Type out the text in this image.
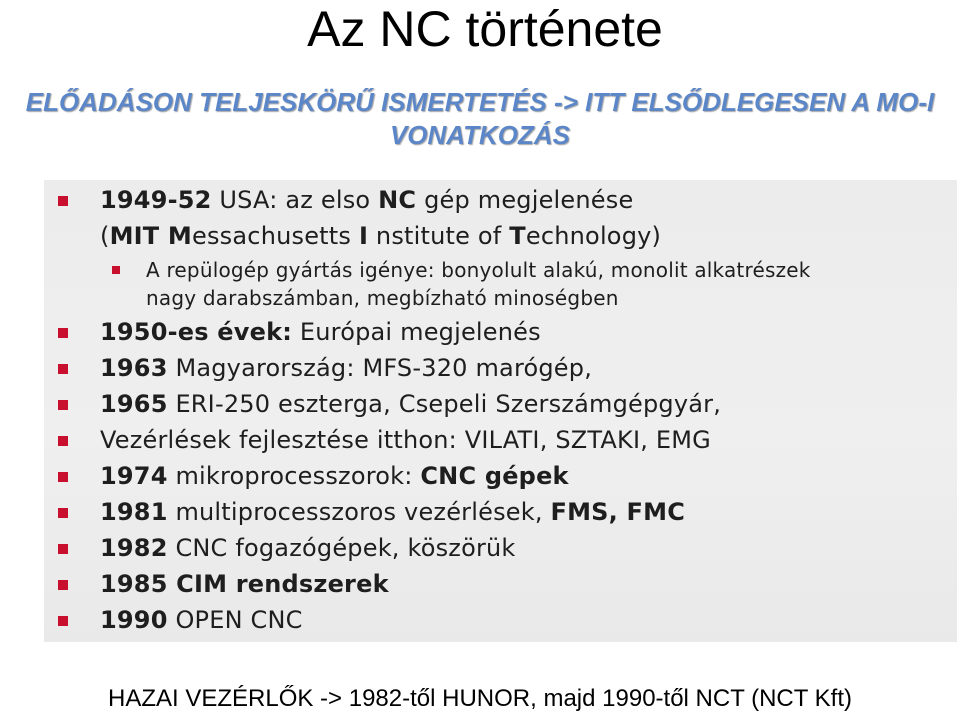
Az NC története
ELŐADÁSON TELJESKÖRŰ ISMERTETÉS -> ITT ELSŐDLEGESEN A MO-I
VONATKOZÁS
1949-52 USA: az elso NC gép megjelenése
(MIT Messachusetts I nstitute of Technology)
A repülogép gyártás igénye: bonyolult alakú, monolit alkatrészek
nagy darabszámban, megbízható minoségben
1950-es évek: Európai megjelenés
1963 Magyarország: MFS-320 marógép,
1965 ERI-250 eszterga, Csepeli Szerszámgépgyár,
Vezérlések fejlesztése itthon: VILATI, SZTAKI, EMG
1974 mikroprocesszorok: CNC gépek
1981 multiprocesszoros vezérlések, FMS, FMC
1982 CNC fogazógépek, köszörük
1985 CIM rendszerek
1990 OPEN CNC
HAZAI VEZÉRLŐK -> 1982-től HUNOR, majd 1990-től NCT (NCT Kft)
